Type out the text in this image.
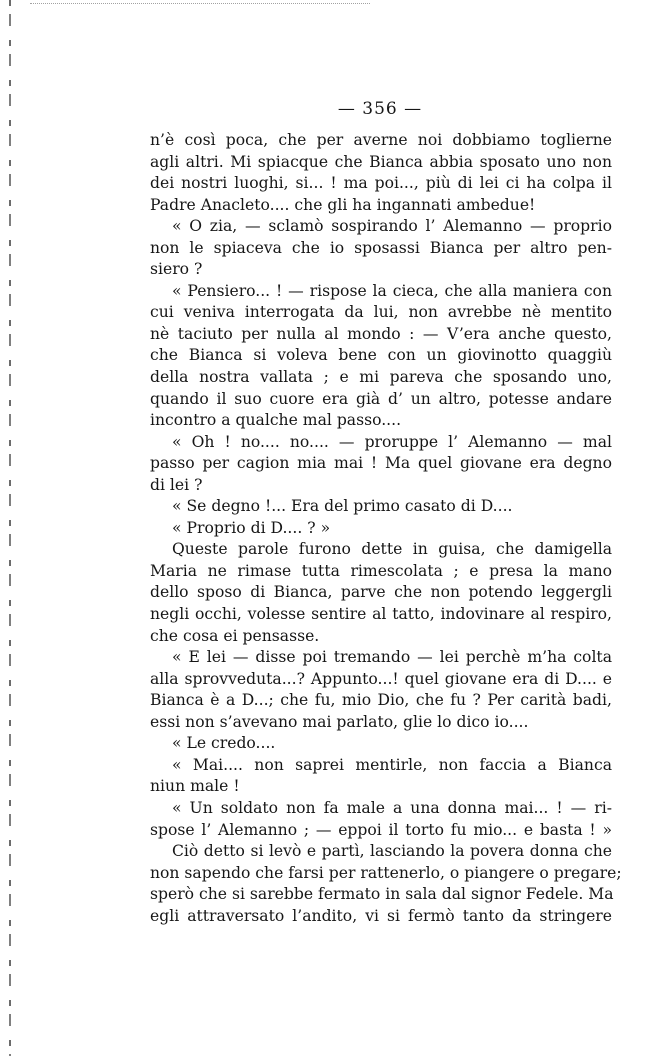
— 356 —
n’è così poca, che per averne noi dobbiamo toglierne
agli altri. Mi spiacque che Bianca abbia sposato uno non
dei nostri luoghi, si... ! ma poi..., più di lei ci ha colpa il
Padre Anacleto.... che gli ha ingannati ambedue!
« O zia, — sclamò sospirando l’ Alemanno — proprio
non le spiaceva che io sposassi Bianca per altro pen-
siero ?
« Pensiero... ! — rispose la cieca, che alla maniera con
cui veniva interrogata da lui, non avrebbe nè mentito
nè taciuto per nulla al mondo : — V’era anche questo,
che Bianca si voleva bene con un giovinotto quaggiù
della nostra vallata ; e mi pareva che sposando uno,
quando il suo cuore era già d’ un altro, potesse andare
incontro a qualche mal passo....
« Oh ! no.... no.... — proruppe l’ Alemanno — mal
passo per cagion mia mai ! Ma quel giovane era degno
di lei ?
« Se degno !... Era del primo casato di D....
« Proprio di D.... ? »
Queste parole furono dette in guisa, che damigella
Maria ne rimase tutta rimescolata ; e presa la mano
dello sposo di Bianca, parve che non potendo leggergli
negli occhi, volesse sentire al tatto, indovinare al respiro,
che cosa ei pensasse.
« E lei — disse poi tremando — lei perchè m’ha colta
alla sprovveduta...? Appunto...! quel giovane era di D.... e
Bianca è a D...; che fu, mio Dio, che fu ? Per carità badi,
essi non s’avevano mai parlato, glie lo dico io....
« Le credo....
« Mai.... non saprei mentirle, non faccia a Bianca
niun male !
« Un soldato non fa male a una donna mai... ! — ri-
spose l’ Alemanno ; — eppoi il torto fu mio... e basta ! »
Ciò detto si levò e partì, lasciando la povera donna che
non sapendo che farsi per rattenerlo, o piangere o pregare;
sperò che si sarebbe fermato in sala dal signor Fedele. Ma
egli attraversato l’andito, vi si fermò tanto da stringere
